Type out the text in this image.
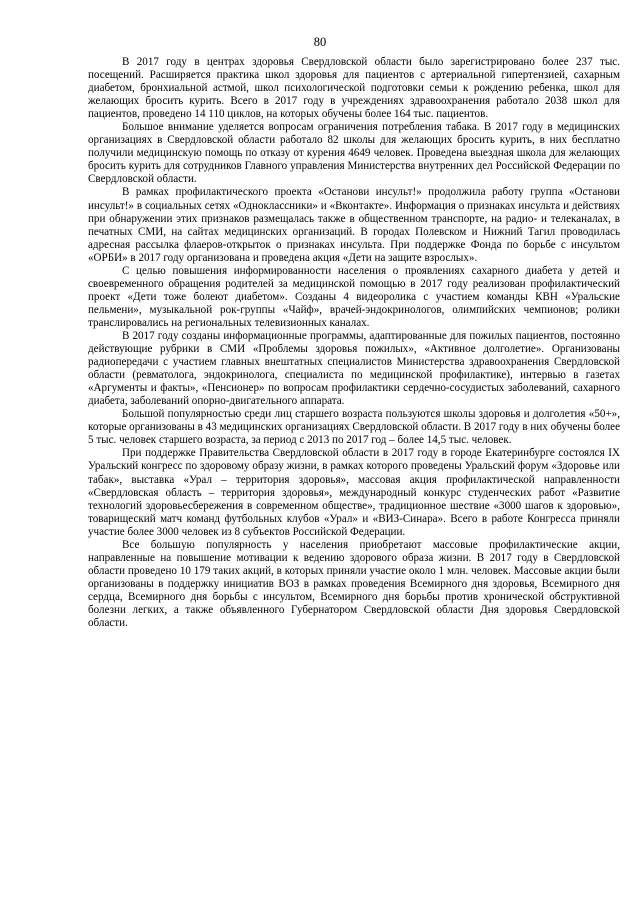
80

В 2017 году в центрах здоровья Свердловской области было зарегистрировано более 237 тыс. посещений. Расширяется практика школ здоровья для пациентов с артериальной гипертензией, сахарным диабетом, бронхиальной астмой, школ психологической подготовки семьи к рождению ребенка, школ для желающих бросить курить. Всего в 2017 году в учреждениях здравоохранения работало 2038 школ для пациентов, проведено 14 110 циклов, на которых обучены более 164 тыс. пациентов.

Большое внимание уделяется вопросам ограничения потребления табака. В 2017 году в медицинских организациях в Свердловской области работало 82 школы для желающих бросить курить, в них бесплатно получили медицинскую помощь по отказу от курения 4649 человек. Проведена выездная школа для желающих бросить курить для сотрудников Главного управления Министерства внутренних дел Российской Федерации по Свердловской области.

В рамках профилактического проекта «Останови инсульт!» продолжила работу группа «Останови инсульт!» в социальных сетях «Одноклассники» и «Вконтакте». Информация о признаках инсульта и действиях при обнаружении этих признаков размещалась также в общественном транспорте, на радио- и телеканалах, в печатных СМИ, на сайтах медицинских организаций. В городах Полевском и Нижний Тагил проводилась адресная рассылка флаеров-открыток о признаках инсульта. При поддержке Фонда по борьбе с инсультом «ОРБИ» в 2017 году организована и проведена акция «Дети на защите взрослых».

С целью повышения информированности населения о проявлениях сахарного диабета у детей и своевременного обращения родителей за медицинской помощью в 2017 году реализован профилактический проект «Дети тоже болеют диабетом». Созданы 4 видеоролика с участием команды КВН «Уральские пельмени», музыкальной рок-группы «Чайф», врачей-эндокринологов, олимпийских чемпионов; ролики транслировались на региональных телевизионных каналах.

В 2017 году созданы информационные программы, адаптированные для пожилых пациентов, постоянно действующие рубрики в СМИ «Проблемы здоровья пожилых», «Активное долголетие». Организованы радиопередачи с участием главных внештатных специалистов Министерства здравоохранения Свердловской области (ревматолога, эндокринолога, специалиста по медицинской профилактике), интервью в газетах «Аргументы и факты», «Пенсионер» по вопросам профилактики сердечно-сосудистых заболеваний, сахарного диабета, заболеваний опорно-двигательного аппарата.

Большой популярностью среди лиц старшего возраста пользуются школы здоровья и долголетия «50+», которые организованы в 43 медицинских организациях Свердловской области. В 2017 году в них обучены более 5 тыс. человек старшего возраста, за период с 2013 по 2017 год – более 14,5 тыс. человек.

При поддержке Правительства Свердловской области в 2017 году в городе Екатеринбурге состоялся IX Уральский конгресс по здоровому образу жизни, в рамках которого проведены Уральский форум «Здоровье или табак», выставка «Урал – территория здоровья», массовая акция профилактической направленности «Свердловская область – территория здоровья», международный конкурс студенческих работ «Развитие технологий здоровьесбережения в современном обществе», традиционное шествие «3000 шагов к здоровью», товарищеский матч команд футбольных клубов «Урал» и «ВИЗ-Синара». Всего в работе Конгресса приняли участие более 3000 человек из 8 субъектов Российской Федерации.

Все большую популярность у населения приобретают массовые профилактические акции, направленные на повышение мотивации к ведению здорового образа жизни. В 2017 году в Свердловской области проведено 10 179 таких акций, в которых приняли участие около 1 млн. человек. Массовые акции были организованы в поддержку инициатив ВОЗ в рамках проведения Всемирного дня здоровья, Всемирного дня сердца, Всемирного дня борьбы с инсультом, Всемирного дня борьбы против хронической обструктивной болезни легких, а также объявленного Губернатором Свердловской области Дня здоровья Свердловской области.
